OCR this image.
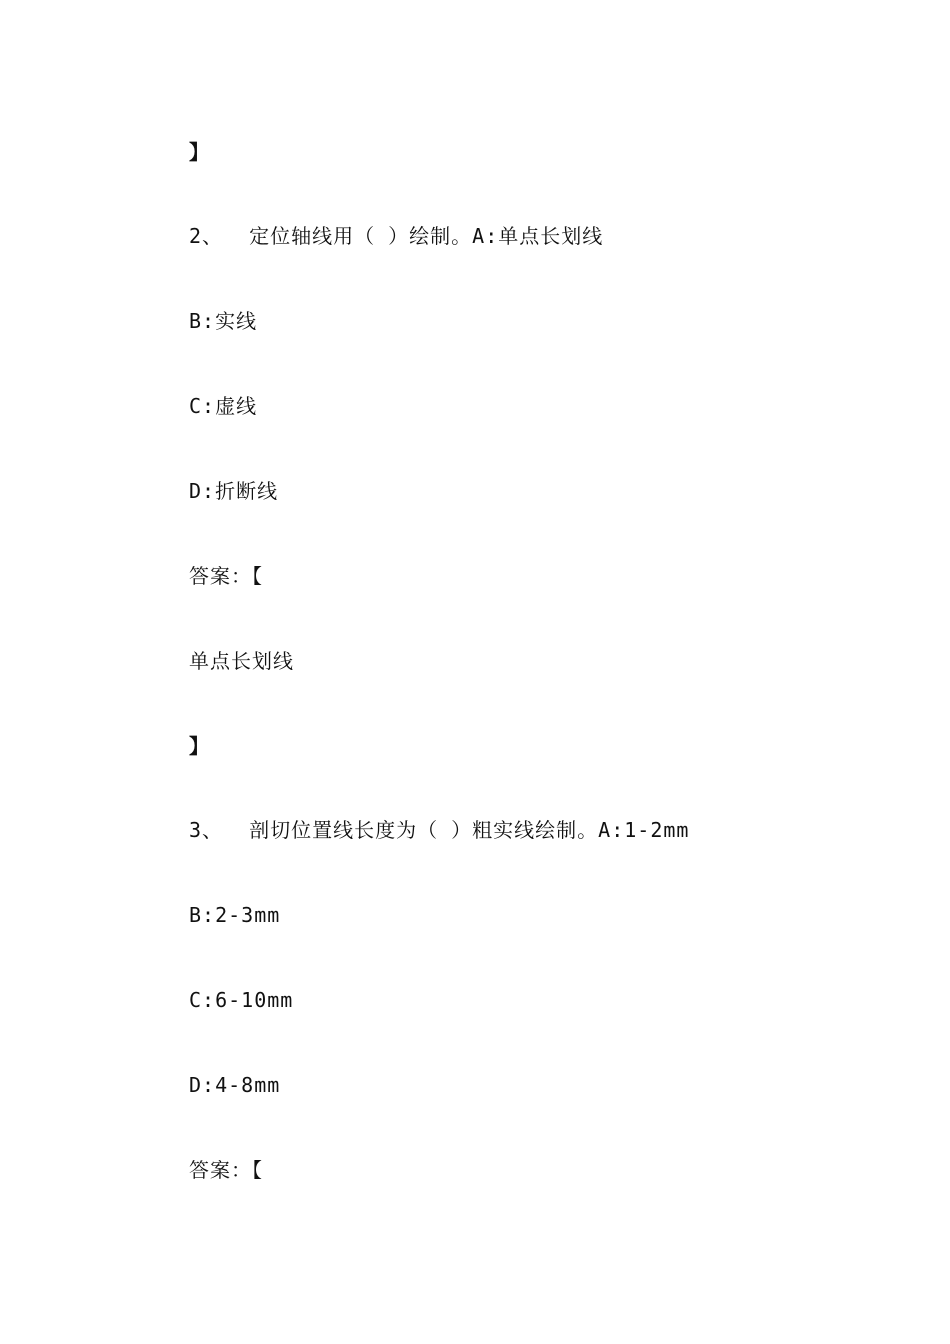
】
2、  定位轴线用（ ）绘制。A:单点长划线
B:实线
C:虚线
D:折断线
答案：【
单点长划线
】
3、  剖切位置线长度为（ ）粗实线绘制。A:1-2mm
B:2-3mm
C:6-10mm
D:4-8mm
答案：【
